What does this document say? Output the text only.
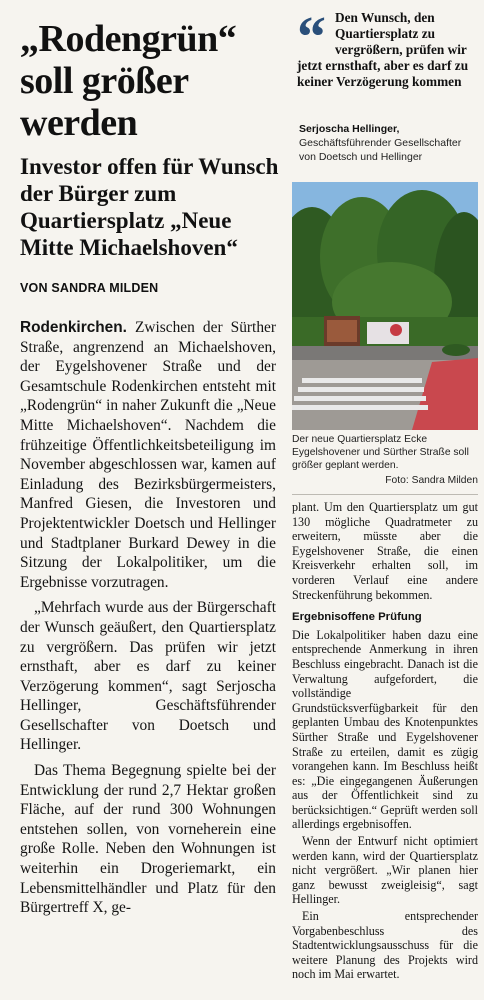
„Rodengrün“ soll größer werden
Investor offen für Wunsch der Bürger zum Quartiersplatz „Neue Mitte Michaelshoven“
VON SANDRA MILDEN

Rodenkirchen. Zwischen der Sürther Straße, angrenzend an Michaelshoven, der Eygelshovener Straße und der Gesamtschule Rodenkirchen entsteht mit „Rodengrün“ in naher Zukunft die „Neue Mitte Michaelshoven“. Nachdem die frühzeitige Öffentlichkeitsbeteiligung im November abgeschlossen war, kamen auf Einladung des Bezirksbürgermeisters, Manfred Giesen, die Investoren und Projektentwickler Doetsch und Hellinger und Stadtplaner Burkard Dewey in die Sitzung der Lokalpolitiker, um die Ergebnisse vorzutragen.

„Mehrfach wurde aus der Bürgerschaft der Wunsch geäußert, den Quartiersplatz zu vergrößern. Das prüfen wir jetzt ernsthaft, aber es darf zu keiner Verzögerung kommen“, sagt Serjoscha Hellinger, Geschäftsführender Gesellschafter von Doetsch und Hellinger.

Das Thema Begegnung spielte bei der Entwicklung der rund 2,7 Hektar großen Fläche, auf der rund 300 Wohnungen entstehen sollen, von vorneherein eine große Rolle. Neben den Wohnungen ist weiterhin ein Drogeriemarkt, ein Lebensmittelhändler und Platz für den Bürgertreff X, ge-

“ Den Wunsch, den Quartiersplatz zu vergrößern, prüfen wir jetzt ernsthaft, aber es darf zu keiner Verzögerung kommen

Serjoscha Hellinger,
Geschäftsführender Gesellschafter von Doetsch und Hellinger
Der neue Quartiersplatz Ecke Eygelshovener und Sürther Straße soll größer geplant werden.
Foto: Sandra Milden

plant. Um den Quartiersplatz um gut 130 mögliche Quadratmeter zu erweitern, müsste aber die Eygelshovener Straße, die einen Kreisverkehr erhalten soll, im vorderen Verlauf eine andere Streckenführung bekommen.

Ergebnisoffene Prüfung

Die Lokalpolitiker haben dazu eine entsprechende Anmerkung in ihren Beschluss eingebracht. Danach ist die Verwaltung aufgefordert, die vollständige Grundstücksverfügbarkeit für den geplanten Umbau des Knotenpunktes Sürther Straße und Eygelshovener Straße zu erteilen, damit es zügig vorangehen kann. Im Beschluss heißt es: „Die eingegangenen Äußerungen aus der Öffentlichkeit sind zu berücksichtigen.“ Geprüft werden soll allerdings ergebnisoffen.

Wenn der Entwurf nicht optimiert werden kann, wird der Quartiersplatz nicht vergrößert. „Wir planen hier ganz bewusst zweigleisig“, sagt Hellinger.

Ein entsprechender Vorgabenbeschluss des Stadtentwicklungsausschuss für die weitere Planung des Projekts wird noch im Mai erwartet.
